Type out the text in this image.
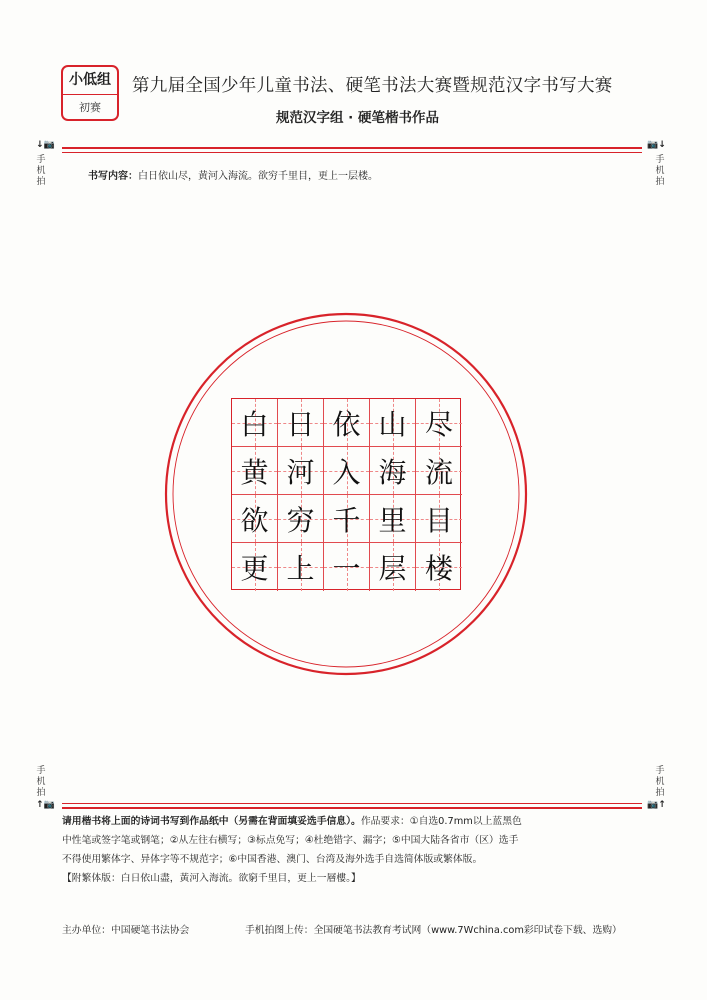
小低组
初赛
第九届全国少年儿童书法、硬笔书法大赛暨规范汉字书写大赛
规范汉字组 · 硬笔楷书作品
↓📷	📷↓
手
机
拍
手
机
拍
书写内容：白日依山尽，黄河入海流。欲穷千里目，更上一层楼。
白 日 依 山 尽
黄 河 入 海 流
欲 穷 千 里 目
更 上 一 层 楼
手
机
拍
手
机
拍
↑📷	📷↑

请用楷书将上面的诗词书写到作品纸中（另需在背面填妥选手信息）。作品要求：①自选0.7mm以上蓝黑色

中性笔或签字笔或钢笔；②从左往右横写；③标点免写；④杜绝错字、漏字；⑤中国大陆各省市（区）选手

不得使用繁体字、异体字等不规范字；⑥中国香港、澳门、台湾及海外选手自选简体版或繁体版。

【附繁体版：白日依山盡，黃河入海流。欲窮千里目，更上一層樓。】

主办单位：中国硬笔书法协会	手机拍图上传：全国硬笔书法教育考试网（www.7Wchina.com彩印试卷下载、选购）
